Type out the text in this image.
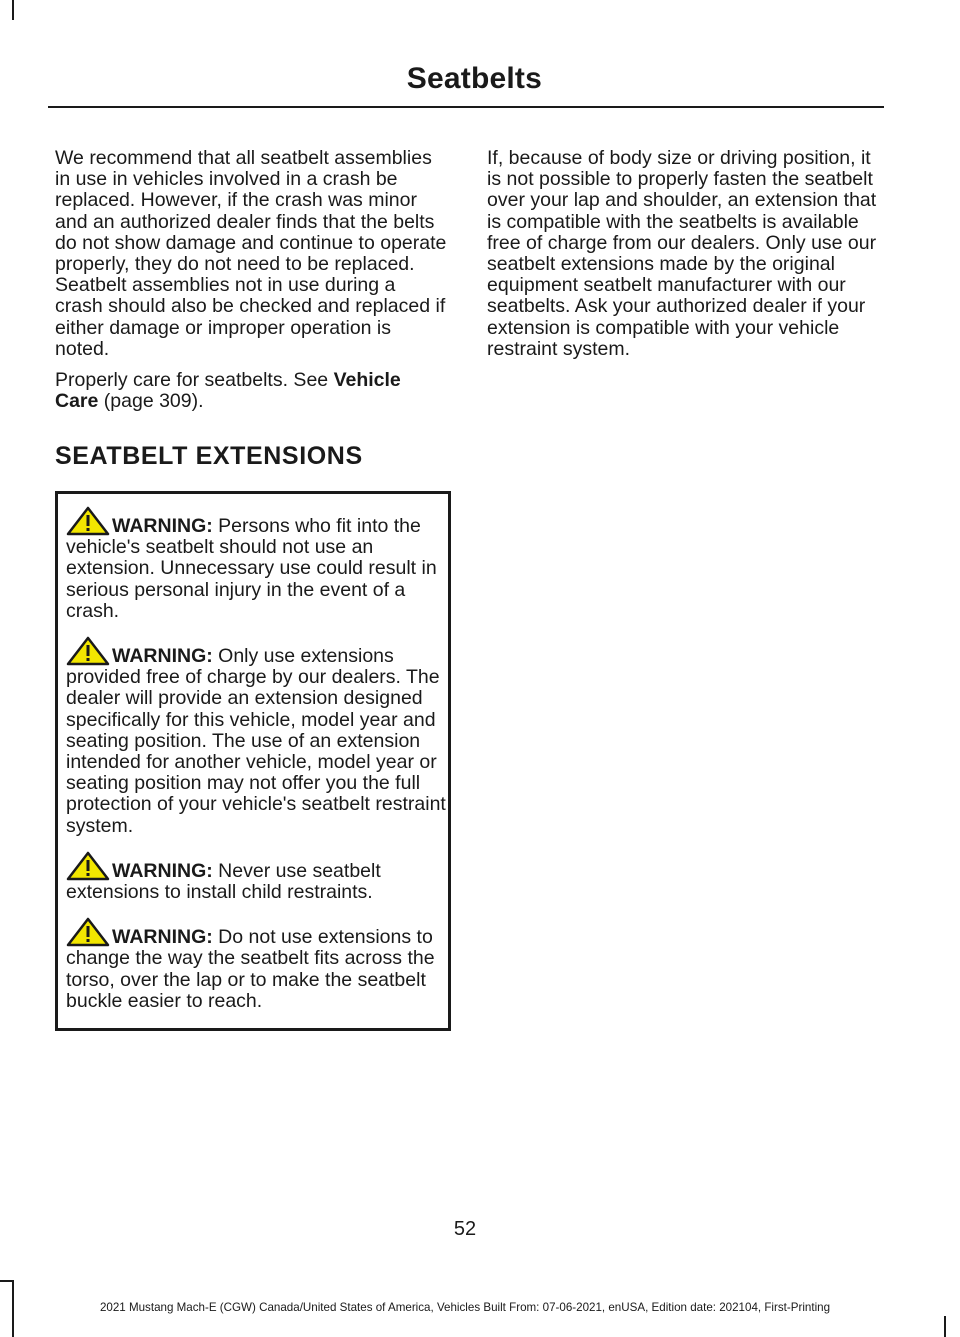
Seatbelts

We recommend that all seatbelt assemblies in use in vehicles involved in a crash be replaced. However, if the crash was minor and an authorized dealer finds that the belts do not show damage and continue to operate properly, they do not need to be replaced. Seatbelt assemblies not in use during a crash should also be checked and replaced if either damage or improper operation is noted.

Properly care for seatbelts. See Vehicle Care (page 309).

SEATBELT EXTENSIONS
WARNING: Persons who fit into the vehicle's seatbelt should not use an extension. Unnecessary use could result in serious personal injury in the event of a crash.
WARNING: Only use extensions provided free of charge by our dealers. The dealer will provide an extension designed specifically for this vehicle, model year and seating position. The use of an extension intended for another vehicle, model year or seating position may not offer you the full protection of your vehicle's seatbelt restraint system.
WARNING: Never use seatbelt extensions to install child restraints.
WARNING: Do not use extensions to change the way the seatbelt fits across the torso, over the lap or to make the seatbelt buckle easier to reach.

If, because of body size or driving position, it is not possible to properly fasten the seatbelt over your lap and shoulder, an extension that is compatible with the seatbelts is available free of charge from our dealers. Only use our seatbelt extensions made by the original equipment seatbelt manufacturer with our seatbelts. Ask your authorized dealer if your extension is compatible with your vehicle restraint system.

52
2021 Mustang Mach-E (CGW) Canada/United States of America, Vehicles Built From: 07-06-2021, enUSA, Edition date: 202104, First-Printing
